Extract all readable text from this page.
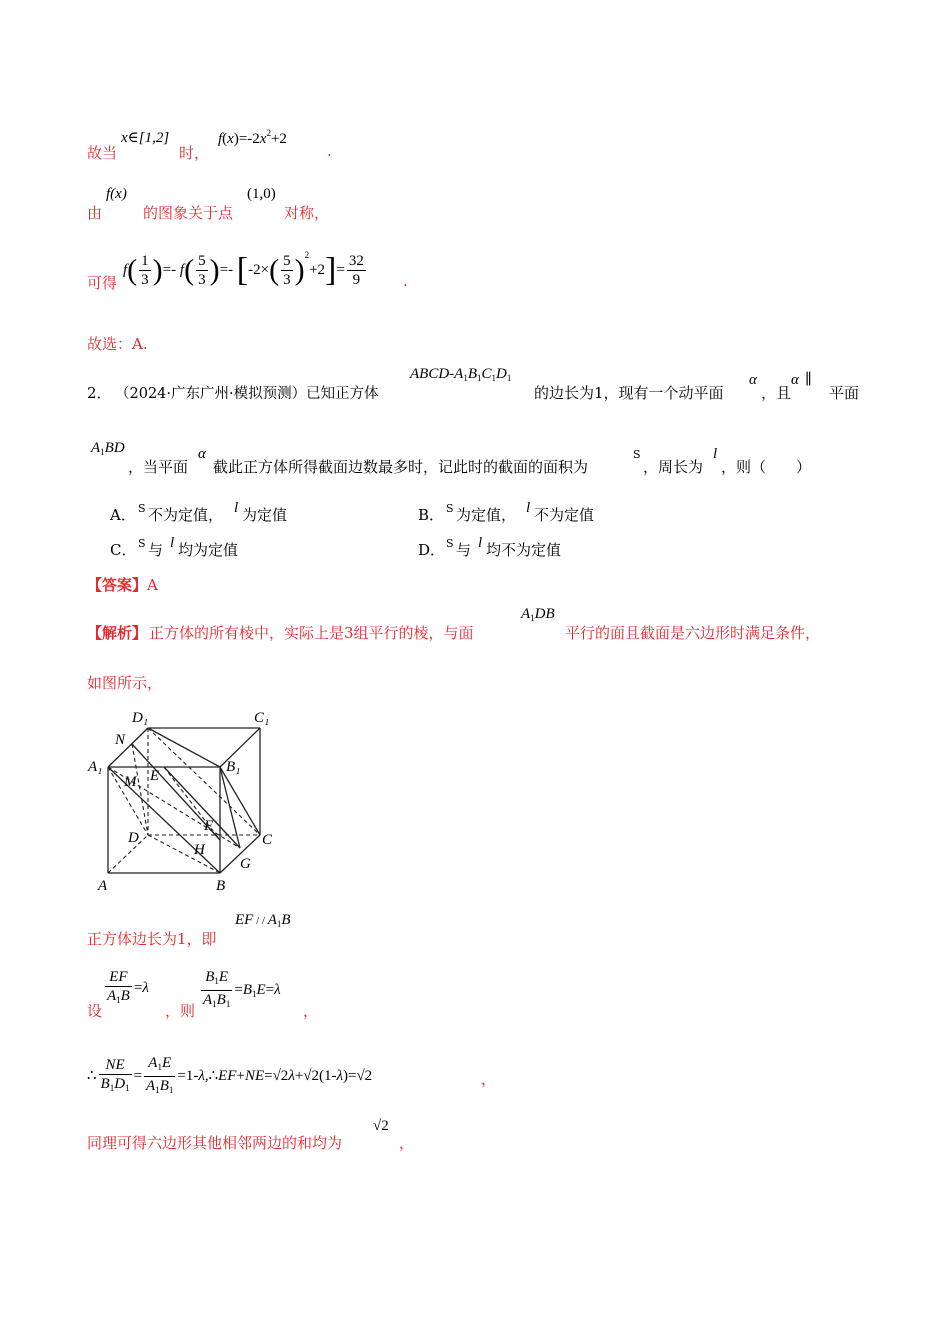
故当
x∈[1,2]
时，
$f(x)=-2x^2+2$
.
由
f(x)
的图象关于点
(1,0)
对称，
可得
$f( \frac{1}{3}$ )=- $f( \frac{5}{3}$ )=- $[-2\times( \frac{5}{3} )^2+2]= \frac{32}{9}$ .
故选：A.
2． （2024·广东广州·模拟预测）已知正方体
ABCD-$A_1B_1C_1D_1$
的边长为1，现有一个动平面
α
，且
α ∥
平面
$A_1BD$
，当平面
α
截此正方体所得截面边数最多时，记此时的截面的面积为
S
，周长为
l
，则（　　）
A． S 不为定值， l 为定值	B． S 为定值， l 不为定值
C． S 与 l 均为定值	D． S 与 l 均不为定值
【答案】A
【解析】 正方体的所有棱中，实际上是3组平行的棱，与面
$A_1DB$
平行的面且截面是六边形时满足条件，
如图所示，
D₁	C₁
N
A₁	B₁
M E
D
F
C
H
G
A	B
正方体边长为1，即
EF / / $A_1B$
设
$\frac{EF}{A_1B} =\lambda$
，则 $\frac{B_1E}{A_1B_1} =B_1E=\lambda$
，
∴ $\frac{NE}{B_1D_1} = \frac{A_1E}{A_1B_1}$ =1-λ,∴EF+NE=√2λ+√2(1-λ)=√2	，
同理可得六边形其他相邻两边的和均为
√2
，
